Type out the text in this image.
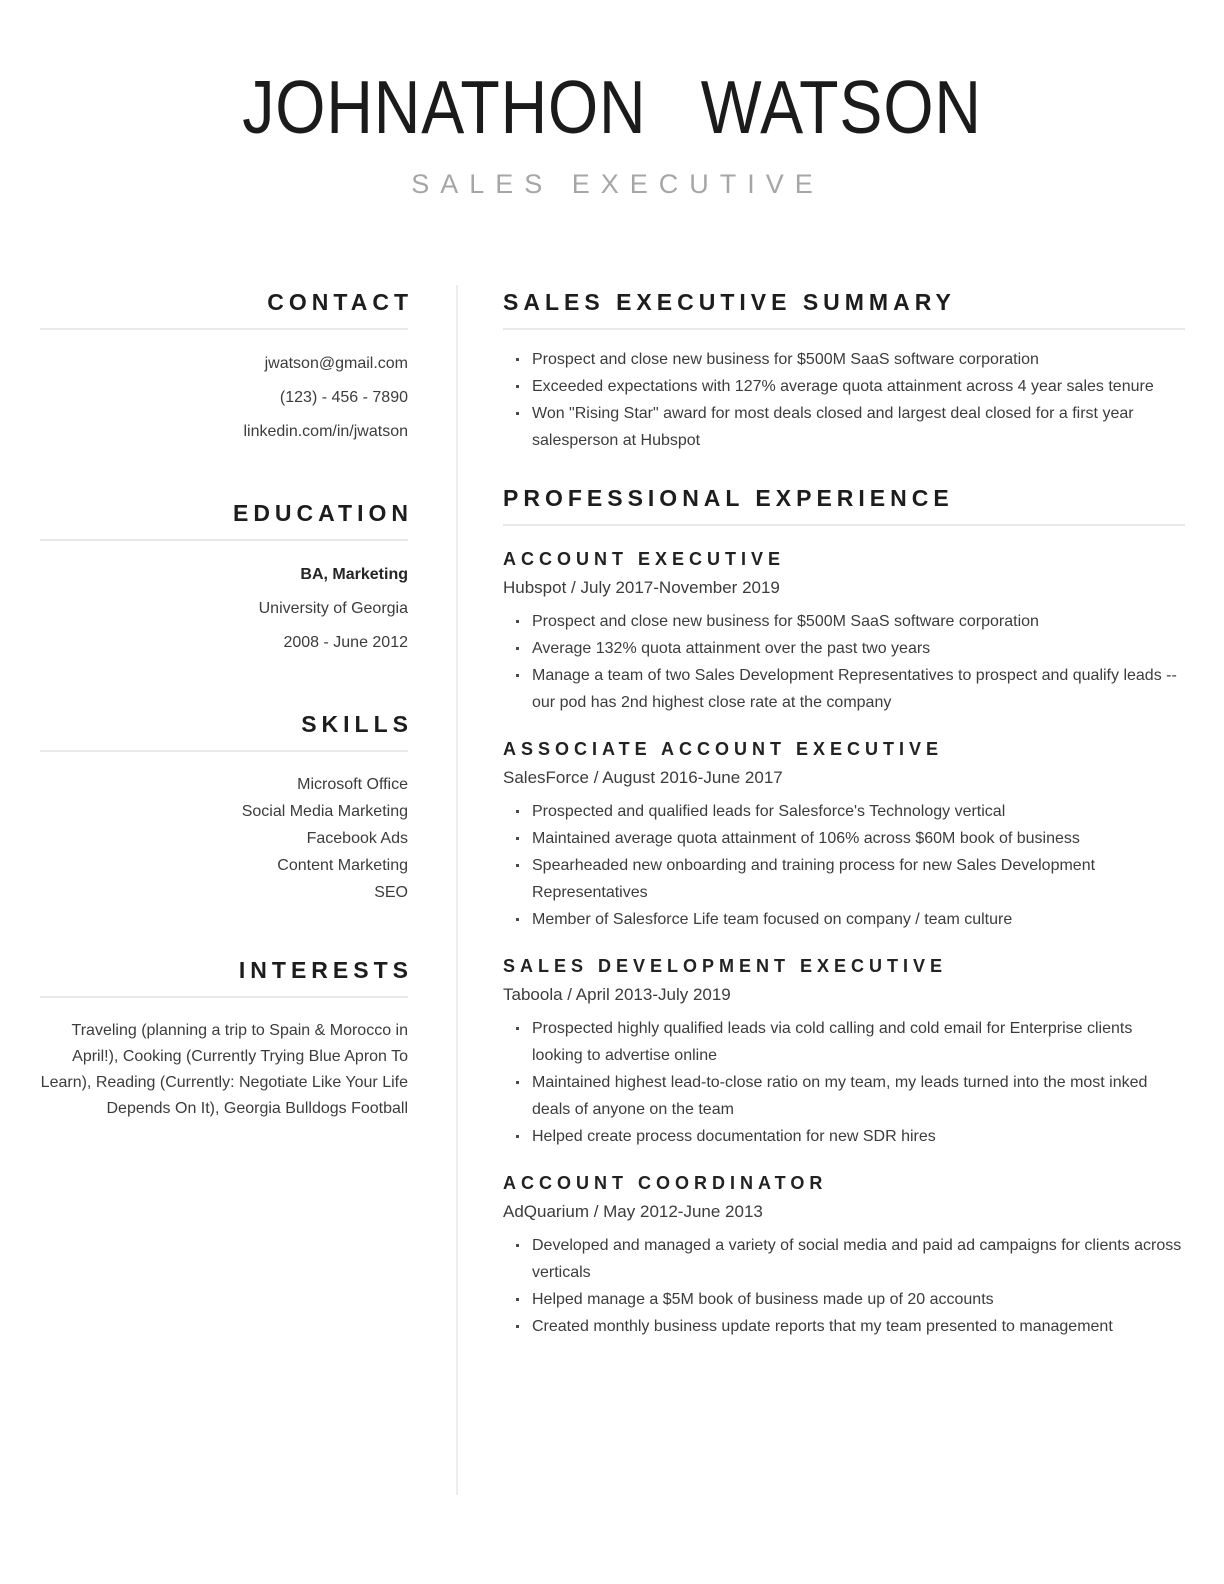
JOHNATHON WATSON
SALES EXECUTIVE
CONTACT
jwatson@gmail.com
(123) - 456 - 7890
linkedin.com/in/jwatson
EDUCATION
BA, Marketing
University of Georgia
2008 - June 2012
SKILLS
Microsoft Office
Social Media Marketing
Facebook Ads
Content Marketing
SEO
INTERESTS
Traveling (planning a trip to Spain & Morocco in April!), Cooking (Currently Trying Blue Apron To Learn), Reading (Currently: Negotiate Like Your Life Depends On It), Georgia Bulldogs Football
SALES EXECUTIVE SUMMARY
Prospect and close new business for $500M SaaS software corporation
Exceeded expectations with 127% average quota attainment across 4 year sales tenure
Won "Rising Star" award for most deals closed and largest deal closed for a first year salesperson at Hubspot
PROFESSIONAL EXPERIENCE
ACCOUNT EXECUTIVE
Hubspot / July 2017-November 2019
Prospect and close new business for $500M SaaS software corporation
Average 132% quota attainment over the past two years
Manage a team of two Sales Development Representatives to prospect and qualify leads -- our pod has 2nd highest close rate at the company
ASSOCIATE ACCOUNT EXECUTIVE
SalesForce / August 2016-June 2017
Prospected and qualified leads for Salesforce's Technology vertical
Maintained average quota attainment of 106% across $60M book of business
Spearheaded new onboarding and training process for new Sales Development Representatives
Member of Salesforce Life team focused on company / team culture
SALES DEVELOPMENT EXECUTIVE
Taboola / April 2013-July 2019
Prospected highly qualified leads via cold calling and cold email for Enterprise clients looking to advertise online
Maintained highest lead-to-close ratio on my team, my leads turned into the most inked deals of anyone on the team
Helped create process documentation for new SDR hires
ACCOUNT COORDINATOR
AdQuarium / May 2012-June 2013
Developed and managed a variety of social media and paid ad campaigns for clients across verticals
Helped manage a $5M book of business made up of 20 accounts
Created monthly business update reports that my team presented to management
